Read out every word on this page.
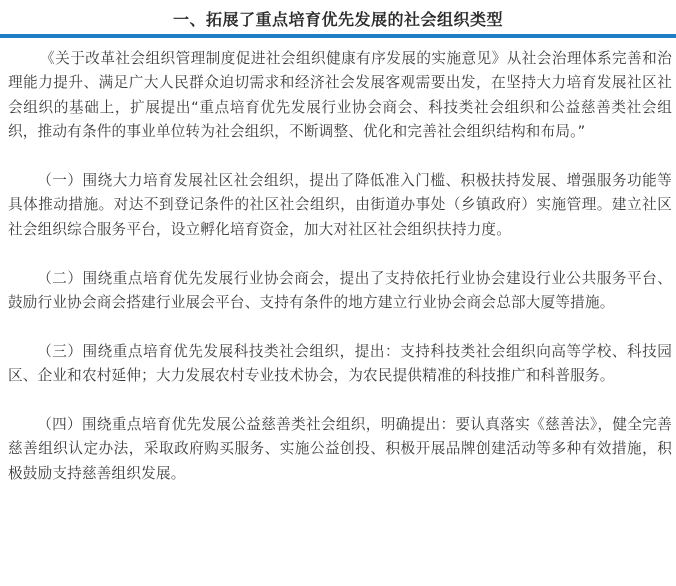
一、拓展了重点培育优先发展的社会组织类型

《关于改革社会组织管理制度促进社会组织健康有序发展的实施意见》从社会治理体系完善和治理能力提升、满足广大人民群众迫切需求和经济社会发展客观需要出发，在坚持大力培育发展社区社会组织的基础上，扩展提出“重点培育优先发展行业协会商会、科技类社会组织和公益慈善类社会组织，推动有条件的事业单位转为社会组织，不断调整、优化和完善社会组织结构和布局。”

（一）围绕大力培育发展社区社会组织，提出了降低准入门槛、积极扶持发展、增强服务功能等具体推动措施。对达不到登记条件的社区社会组织，由街道办事处（乡镇政府）实施管理。建立社区社会组织综合服务平台，设立孵化培育资金，加大对社区社会组织扶持力度。

（二）围绕重点培育优先发展行业协会商会，提出了支持依托行业协会建设行业公共服务平台、鼓励行业协会商会搭建行业展会平台、支持有条件的地方建立行业协会商会总部大厦等措施。

（三）围绕重点培育优先发展科技类社会组织，提出：支持科技类社会组织向高等学校、科技园区、企业和农村延伸；大力发展农村专业技术协会，为农民提供精准的科技推广和科普服务。

（四）围绕重点培育优先发展公益慈善类社会组织，明确提出：要认真落实《慈善法》，健全完善慈善组织认定办法，采取政府购买服务、实施公益创投、积极开展品牌创建活动等多种有效措施，积极鼓励支持慈善组织发展。
